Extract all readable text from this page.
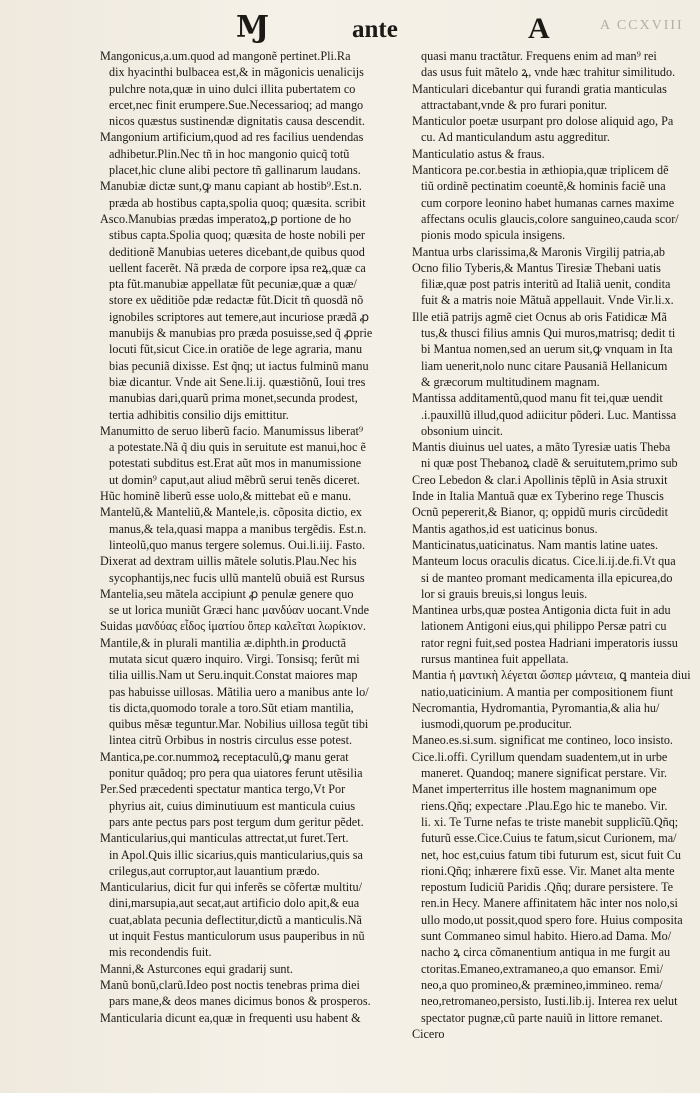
Ɱ	ante	A	A CCXVIII
Mangonicus,a.um.quod ad mangonẽ pertinet.Pli.Ra
dix hyacinthi bulbacea est,& in mãgonicis uenalicijs
pulchre nota,quæ in uino dulci illita pubertatem co
ercet,nec finit erumpere.Sue.Necessarioq; ad mango
nicos quæstus sustinendæ dignitatis causa descendit.
Mangonium artificium,quod ad res facilius uendendas
adhibetur.Plin.Nec tñ in hoc mangonio quicq̃ totũ
placet,hic clune alibi pectore tñ gallinarum laudans.
Manubiæ dictæ sunt,ꝙ manu capiant ab hostib⁹.Est.n.
præda ab hostibus capta,spolia quoq; quæsita. scribit
Asco.Manubias prædas imperatoꝝ,ꝑ portione de ho
stibus capta.Spolia quoq; quæsita de hoste nobili per
deditionẽ Manubias ueteres dicebant,de quibus quod
uellent facerẽt. Nã præda de corpore ipsa reꝝ,quæ ca
pta fũt.manubiæ appellatæ fũt pecuniæ,quæ a quæ/
store ex uẽditiõe pdæ redactæ fũt.Dicit tñ quosdã nõ
ignobiles scriptores aut temere,aut incuriose prædã ꝓ
manubijs & manubias pro præda posuisse,sed q̃ ꝓprie
locuti fũt,sicut Cice.in oratiõe de lege agraria, manu
bias pecuniã dixisse. Est q̃nq; ut iactus fulminũ manu
biæ dicantur. Vnde ait Sene.li.ij. quæstiõnũ, Ioui tres
manubias dari,quarũ prima monet,secunda prodest,
tertia adhibitis consilio dijs emittitur.
Manumitto de seruo liberũ facio. Manumissus liberat⁹
a potestate.Nã q̃ diu quis in seruitute est manui,hoc ẽ
potestati subditus est.Erat aũt mos in manumissione
ut domin⁹ caput,aut aliud mẽbrũ serui tenẽs diceret.
Hũc hominẽ liberũ esse uolo,& mittebat eũ e manu.
Mantelũ,& Manteliũ,& Mantele,is. cõposita dictio, ex
manus,& tela,quasi mappa a manibus tergẽdis. Est.n.
linteolũ,quo manus tergere solemus. Oui.li.iij. Fasto.
Dixerat ad dextram uillis mãtele solutis.Plau.Nec his
sycophantijs,nec fucis ullũ mantelũ obuiã est Rursus
Mantelia,seu mãtela accipiunt ꝓ penulæ genere quo
se ut lorica muniũt Græci hanc μανδύαν uocant.Vnde
Suidas μανδύας εἶδος ἱματίου ὅπερ καλεῖται λωρίκιον.
Mantile,& in plurali mantilia æ.diphth.in ꝑroductã
mutata sicut quæro inquiro. Virgi. Tonsisq; ferũt mi
tilia uillis.Nam ut Seru.inquit.Constat maiores map
pas habuisse uillosas. Mãtilia uero a manibus ante lo/
tis dicta,quomodo torale a toro.Sũt etiam mantilia,
quibus mẽsæ teguntur.Mar. Nobilius uillosa tegũt tibi
lintea citrũ Orbibus in nostris circulus esse potest.
Mantica,pe.cor.nummoꝝ receptaculũ,ꝙ manu gerat
ponitur quãdoq; pro pera qua uiatores ferunt utẽsilia
Per.Sed præcedenti spectatur mantica tergo,Vt Por
phyrius ait, cuius diminutiuum est manticula cuius
pars ante pectus pars post tergum dum geritur pẽdet.
Manticularius,qui manticulas attrectat,ut furet.Tert.
in Apol.Quis illic sicarius,quis manticularius,quis sa
crilegus,aut corruptor,aut lauantium prædo.
Manticularius, dicit fur qui inferẽs se cõfertæ multitu/
dini,marsupia,aut secat,aut artificio dolo apit,& eua
cuat,ablata pecunia deflectitur,dictũ a manticulis.Nã
ut inquit Festus manticulorum usus pauperibus in nũ
mis recondendis fuit.
Manni,& Asturcones equi gradarij sunt.
Manũ bonũ,clarũ.Ideo post noctis tenebras prima diei
pars mane,& deos manes dicimus bonos & prosperos.
Manticularia dicunt ea,quæ in frequenti usu habent &
quasi manu tractãtur. Frequens enim ad man⁹ rei
das usus fuit mãtelo ꝝ, vnde hæc trahitur similitudo.
Manticulari dicebantur qui furandi gratia manticulas
attractabant,vnde & pro furari ponitur.
Manticulor poetæ usurpant pro dolose aliquid ago, Pa
cu. Ad manticulandum astu aggreditur.
Manticulatio astus & fraus.
Manticora pe.cor.bestia in æthiopia,quæ triplicem dẽ
tiũ ordinẽ pectinatim coeuntẽ,& hominis faciẽ una
cum corpore leonino habet humanas carnes maxime
affectans oculis glaucis,colore sanguineo,cauda scor/
pionis modo spicula insigens.
Mantua urbs clarissima,& Maronis Virgilij patria,ab
Ocno filio Tyberis,& Mantus Tiresiæ Thebani uatis
filiæ,quæ post patris interitũ ad Italiã uenit, condita
fuit & a matris noie Mãtuã appellauit. Vnde Vir.li.x.
Ille etiã patrijs agmẽ ciet Ocnus ab oris Fatidicæ Mã
tus,& thusci filius amnis Qui muros,matrisq; dedit ti
bi Mantua nomen,sed an uerum sit,ꝙ vnquam in Ita
liam uenerit,nolo nunc citare Pausaniã Hellanicum
& græcorum multitudinem magnam.
Mantissa additamentũ,quod manu fit tei,quæ uendit
.i.pauxillũ illud,quod adiicitur põderi. Luc. Mantissa
obsonium uincit.
Mantis diuinus uel uates, a mãto Tyresiæ uatis Theba
ni quæ post Thebanoꝝ cladẽ & seruitutem,primo sub
Creo Lebedon & clar.i Apollinis tẽplũ in Asia struxit
Inde in Italia Mantuã quæ ex Tyberino rege Thuscis
Ocnũ pepererit,& Bianor, q; oppidũ muris circũdedit
Mantis agathos,id est uaticinus bonus.
Manticinatus,uaticinatus. Nam mantis latine uates.
Manteum locus oraculis dicatus. Cice.li.ij.de.fi.Vt qua
si de manteo promant medicamenta illa epicurea,do
lor si grauis breuis,si longus leuis.
Mantinea urbs,quæ postea Antigonia dicta fuit in adu
lationem Antigoni eius,qui philippo Persæ patri cu
rator regni fuit,sed postea Hadriani imperatoris iussu
rursus mantinea fuit appellata.
Mantia ἡ μαντικὴ λέγεται ὥσπερ μάντεια, ꝗ manteia diui
natio,uaticinium. A mantia per compositionem fiunt
Necromantia, Hydromantia, Pyromantia,& alia hu/
iusmodi,quorum pe.producitur.
Maneo.es.si.sum. significat me contineo, loco insisto.
Cice.li.offi. Cyrillum quendam suadentem,ut in urbe
maneret. Quandoq; manere significat perstare. Vir.
Manet imperterritus ille hostem magnanimum ope
riens.Qñq; expectare .Plau.Ego hic te manebo. Vir.
li. xi. Te Turne nefas te triste manebit supplicĩũ.Qñq;
futurũ esse.Cice.Cuius te fatum,sicut Curionem, ma/
net, hoc est,cuius fatum tibi futurum est, sicut fuit Cu
rioni.Qñq; inhærere fixũ esse. Vir. Manet alta mente
repostum Iudiciũ Paridis .Qñq; durare persistere. Te
ren.in Hecy. Manere affinitatem hãc inter nos nolo,si
ullo modo,ut possit,quod spero fore. Huius composita
sunt Commaneo simul habito. Hiero.ad Dama. Mo/
nacho ꝝ circa cõmanentium antiqua in me furgit au
ctoritas.Emaneo,extramaneo,a quo emansor. Emi/
neo,a quo promineo,& præmineo,immineo. rema/
neo,retromaneo,persisto, Iusti.lib.ij. Interea rex uelut
spectator pugnæ,cũ parte nauiũ in littore remanet.
Cicero
